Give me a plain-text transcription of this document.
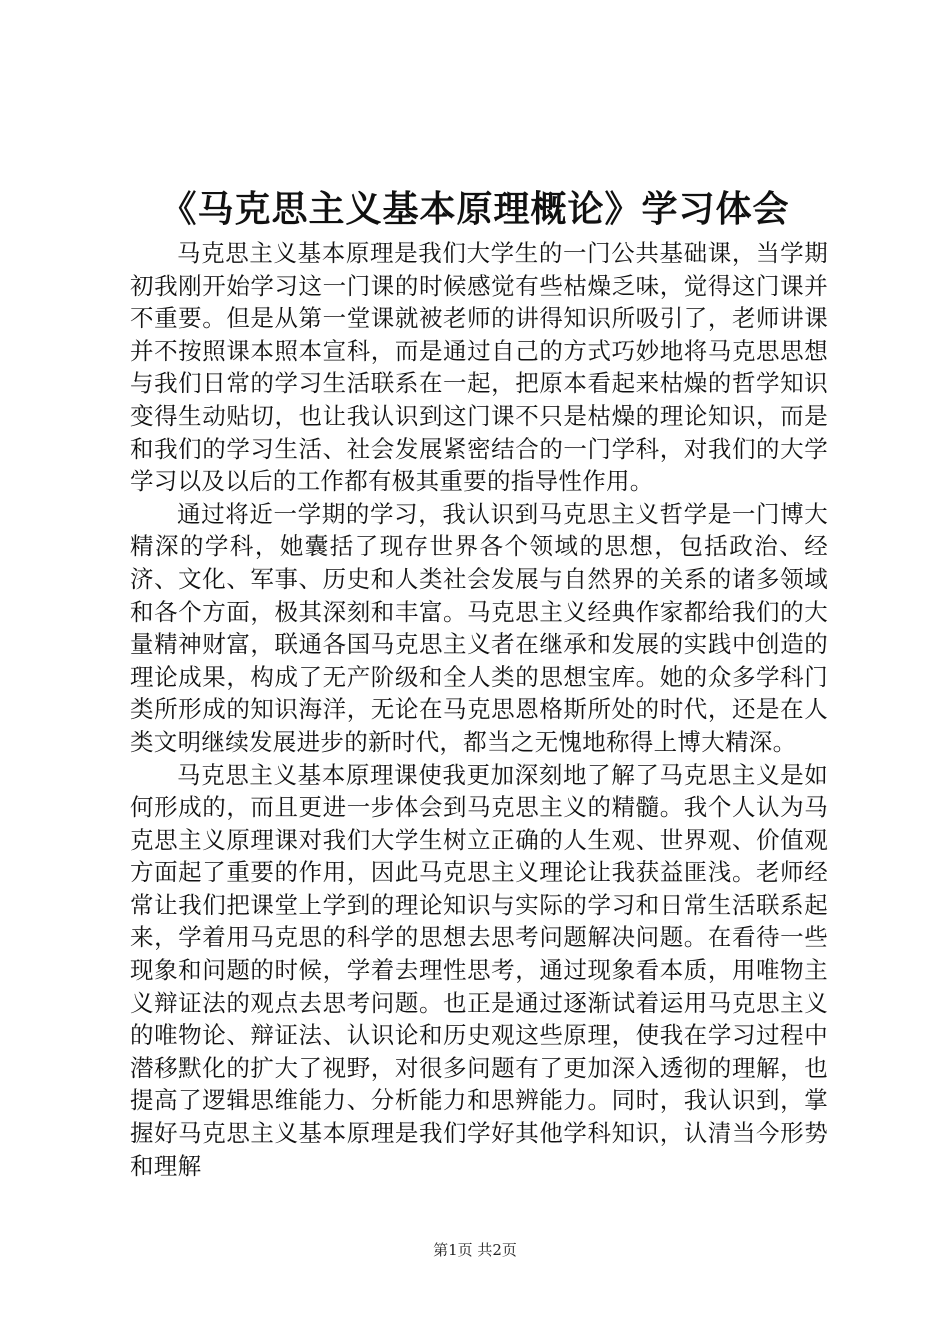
《马克思主义基本原理概论》学习体会

马克思主义基本原理是我们大学生的一门公共基础课，当学期初我刚开始学习这一门课的时候感觉有些枯燥乏味，觉得这门课并不重要。但是从第一堂课就被老师的讲得知识所吸引了，老师讲课并不按照课本照本宣科，而是通过自己的方式巧妙地将马克思思想与我们日常的学习生活联系在一起，把原本看起来枯燥的哲学知识变得生动贴切，也让我认识到这门课不只是枯燥的理论知识，而是和我们的学习生活、社会发展紧密结合的一门学科，对我们的大学学习以及以后的工作都有极其重要的指导性作用。

通过将近一学期的学习，我认识到马克思主义哲学是一门博大精深的学科，她囊括了现存世界各个领域的思想，包括政治、经济、文化、军事、历史和人类社会发展与自然界的关系的诸多领域和各个方面，极其深刻和丰富。马克思主义经典作家都给我们的大量精神财富，联通各国马克思主义者在继承和发展的实践中创造的理论成果，构成了无产阶级和全人类的思想宝库。她的众多学科门类所形成的知识海洋，无论在马克思恩格斯所处的时代，还是在人类文明继续发展进步的新时代，都当之无愧地称得上博大精深。

马克思主义基本原理课使我更加深刻地了解了马克思主义是如何形成的，而且更进一步体会到马克思主义的精髓。我个人认为马克思主义原理课对我们大学生树立正确的人生观、世界观、价值观方面起了重要的作用，因此马克思主义理论让我获益匪浅。老师经常让我们把课堂上学到的理论知识与实际的学习和日常生活联系起来，学着用马克思的科学的思想去思考问题解决问题。在看待一些现象和问题的时候，学着去理性思考，通过现象看本质，用唯物主义辩证法的观点去思考问题。也正是通过逐渐试着运用马克思主义的唯物论、辩证法、认识论和历史观这些原理，使我在学习过程中潜移默化的扩大了视野，对很多问题有了更加深入透彻的理解，也提高了逻辑思维能力、分析能力和思辨能力。同时，我认识到，掌握好马克思主义基本原理是我们学好其他学科知识，认清当今形势和理解

第1页 共2页
